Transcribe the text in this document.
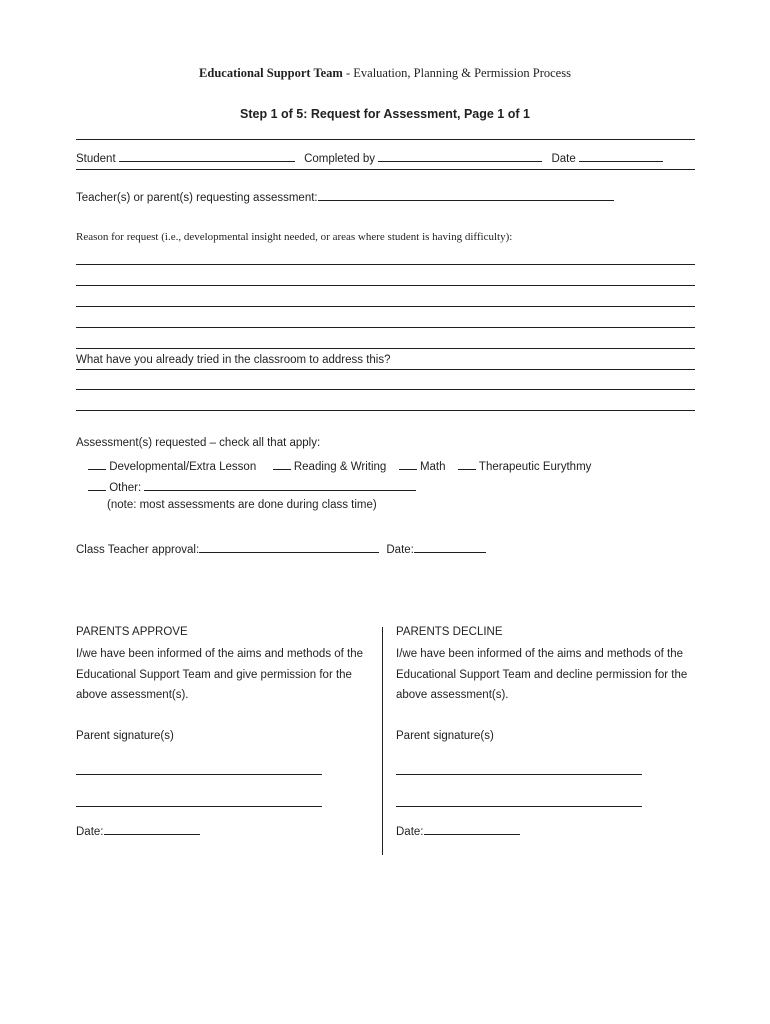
Educational Support Team - Evaluation, Planning & Permission Process
Step 1 of 5: Request for Assessment, Page 1 of 1
Student	Completed by	Date
Teacher(s) or parent(s) requesting assessment:
Reason for request (i.e., developmental insight needed, or areas where student is having difficulty):
What have you already tried in the classroom to address this?
Assessment(s) requested – check all that apply:
Developmental/Extra Lesson	Reading & Writing	Math	Therapeutic Eurythmy
Other:
(note: most assessments are done during class time)
Class Teacher approval:	Date:
PARENTS APPROVE
I/we have been informed of the aims and methods of the
Educational Support Team and give permission for the
above assessment(s).
Parent signature(s)
Date:
PARENTS DECLINE
I/we have been informed of the aims and methods of the
Educational Support Team and decline permission for the
above assessment(s).
Parent signature(s)
Date:
